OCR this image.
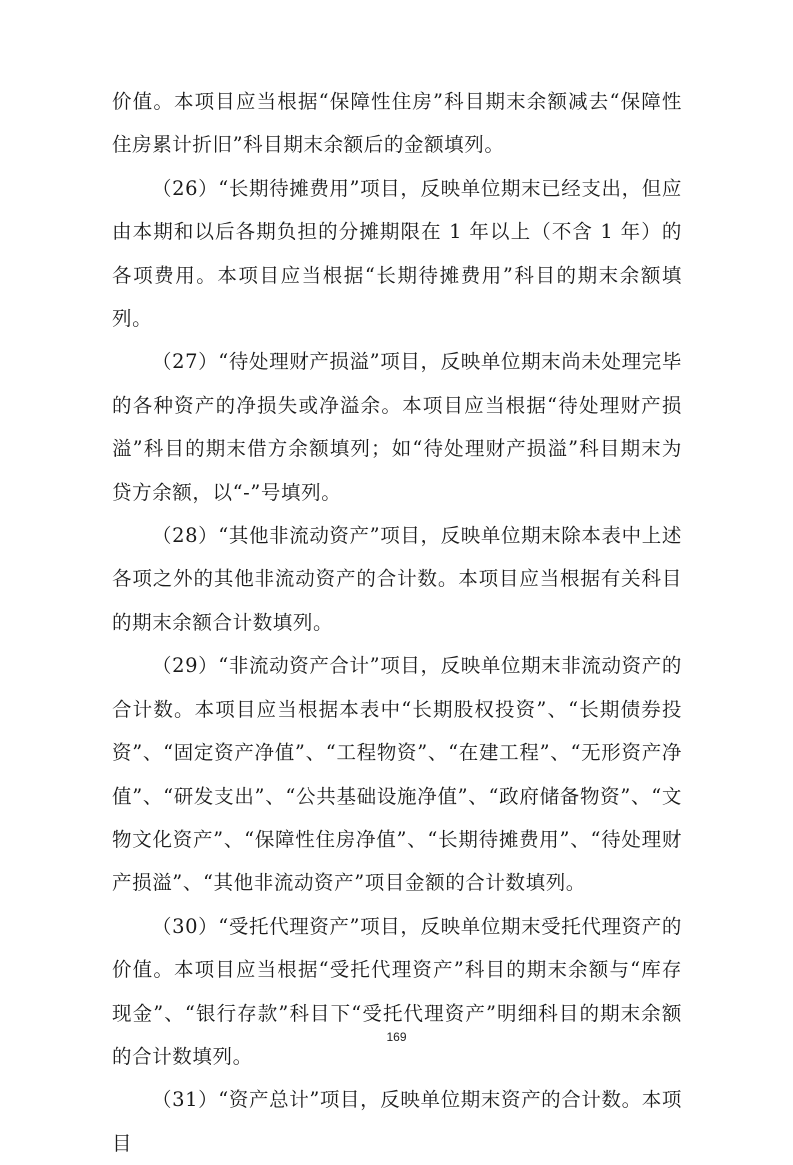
价值。本项目应当根据“保障性住房”科目期末余额减去“保障性住房累计折旧”科目期末余额后的金额填列。

（26）“长期待摊费用”项目，反映单位期末已经支出，但应由本期和以后各期负担的分摊期限在 1 年以上（不含 1 年）的各项费用。本项目应当根据“长期待摊费用”科目的期末余额填列。

（27）“待处理财产损溢”项目，反映单位期末尚未处理完毕的各种资产的净损失或净溢余。本项目应当根据“待处理财产损溢”科目的期末借方余额填列；如“待处理财产损溢”科目期末为贷方余额，以“-”号填列。

（28）“其他非流动资产”项目，反映单位期末除本表中上述各项之外的其他非流动资产的合计数。本项目应当根据有关科目的期末余额合计数填列。

（29）“非流动资产合计”项目，反映单位期末非流动资产的合计数。本项目应当根据本表中“长期股权投资”、“长期债券投资”、“固定资产净值”、“工程物资”、“在建工程”、“无形资产净值”、“研发支出”、“公共基础设施净值”、“政府储备物资”、“文物文化资产”、“保障性住房净值”、“长期待摊费用”、“待处理财产损溢”、“其他非流动资产”项目金额的合计数填列。

（30）“受托代理资产”项目，反映单位期末受托代理资产的价值。本项目应当根据“受托代理资产”科目的期末余额与“库存现金”、“银行存款”科目下“受托代理资产”明细科目的期末余额的合计数填列。

（31）“资产总计”项目，反映单位期末资产的合计数。本项目

169
